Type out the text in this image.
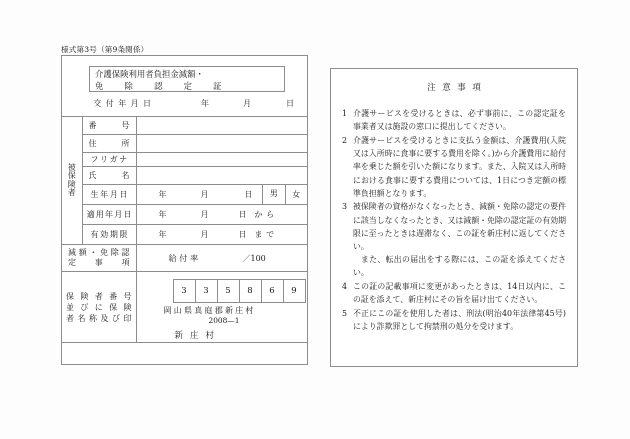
様式第3号（第9条関係）
介護保険利用者負担金減額・
免除認定証
交付年月日	年	月	日
被
保
険
者	番 号	

	住 所	

	フ リ ガ ナ	

	氏 名	

	生 年 月 日	年 月 日 男 女

	適 用 年 月 日	年 月 日 から

	有 効 期 限	年 月 日 まで

減 額 ・ 免 除 認
定 事 項	給付率	／100

保 険 者 番 号
並 び に 保 険
者 名 称 及 び 印

3	3	5	8	6	9
岡山県真庭郡新庄村
2008—1
新庄村
注意事項
1 介護サービスを受けるときは、必ず事前に、この認定証を事業者又は施設の窓口に提出してください。

2 介護サービスを受けるときに支払う金額は、介護費用(入院又は入所時に食事に要する費用を除く。)から介護費用に給付率を乗じた額を引いた額になります。また、入院又は入所時における食事に要する費用については、1日につき定額の標準負担額となります。

3 被保険者の資格がなくなったとき、減額・免除の認定の要件に該当しなくなったとき、又は減額・免除の認定証の有効期限に至ったときは遅滞なく、この証を新庄村に返してください。

また、転出の届出をする際には、この証を添えてください。

4 この証の記載事項に変更があったときは、14日以内に、この証を添えて、新庄村にその旨を届け出てください。

5 不正にこの証を使用した者は、刑法(明治40年法律第45号)により詐欺罪として拘禁刑の処分を受けます。
